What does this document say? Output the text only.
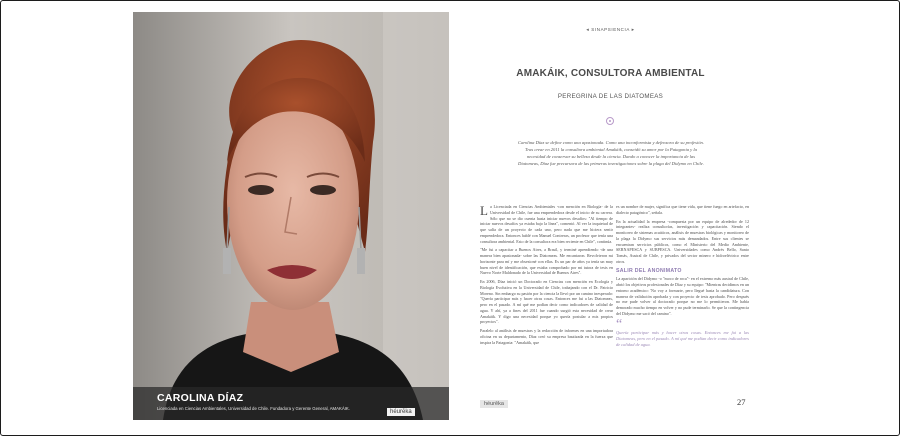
CAROLINA DÍAZ
Licenciada en Ciencias Ambientales, Universidad de Chile. Fundadora y Gerente General, AMAKÁIK.
héurēka
◂ SINAPSIENCIA ▸
AMAKÁIK, CONSULTORA AMBIENTAL
PEREGRINA DE LAS DIATOMEAS
Carolina Díaz se define como una apasionada. Como una inconformista y defensora de su profesión. Tras crear en 2011 la consultora ambiental Amakáik, conseidó su amor por la Patagonia y la necesidad de conservar su belleza desde la ciencia. Dando a conocer la importancia de las Diatomeas, Díaz fue precursora de las primeras investigaciones sobre la plaga del Didymo en Chile.

La Licenciada en Ciencias Ambientales -con mención en Biología- de la Universidad de Chile, fue una emprendedora desde el inicio de su carrera. Sólo que no se dio cuenta hasta iniciar nuevos desafíos: "Al tiempo de iniciar nuevos desafíos ya estaba bajo la línea", comentó. Al ver la inquietud de que salía de un proyecto de cada uno, pero nada que me hiciera sentir emprendedora. Entonces hablé con Manuel Contreras, un profesor que tenía una consultora ambiental. Esto de la consultora era bien reciente en Chile", continúa.

"Me fui a capacitar a Buenos Aires, a Brasil, y terminé aprendiendo -de una manera bien apasionada- sobre las Diatomeas. Me encantaron. Revolvieron mi horizonte para mí y me obsesioné con ellas. Es un par de años ya tenía un muy buen nivel de identificación, que estaba comprobado por mi tutora de tesis en Nuevo Norte Maldonado de la Universidad de Buenos Aires".

En 2006, Díaz inició un Doctorado en Ciencias con mención en Ecología y Biología Evolutiva en la Universidad de Chile, trabajando con el Dr. Patricio Moreno. Sin embargo su pasión por la ciencia la llevó por un camino inesperado: "Quería participar más y hacer otras cosas. Entonces me fui a las Diatomeas, pero en el pasado. A mí qué me podían decir como indicadores de calidad de agua. Y ahí, ya a fines del 2011 fue cuando surgió esta necesidad de crear Amakáik. Y digo una necesidad porque yo quería postular a mis propios proyectos".

Paralelo al análisis de muestras y la redacción de informes en una importadora oficina en su departamento, Díaz creó su empresa bautizada en la fuerza que inspira la Patagonia: "Amakáik, que

es un nombre de mujer, significa que tiene vida, que tiene fuego en artefacto, en dialecto patagónico", señala.

En la actualidad la empresa -compuesta por un equipo de alrededor de 12 integrantes- realiza consultorías, investigación y capacitación. Siendo el monitoreo de sistemas acuáticos, análisis de muestras biológicas y monitoreo de la plaga la Didymo sus servicios más demandados. Entre sus clientes se encuentran servicios públicos, como el Ministerio del Medio Ambiente, SERNAPESCA y SUBPESCA. Universidades como Andrés Bello, Santo Tomás, Austral de Chile, y privados del sector minero e hidroeléctrico entre otros.

SALIR DEL ANONIMATO

La aparición del Didymo -o "moco de roca"- en el extremo más austral de Chile, abrió los objetivos profesionales de Díaz y su equipo: "Mientras decidimos en un entorno académico: 'No voy a formarte, pero llegué hasta la candidatura. Con manera de validación aprobada y con proyecto de tesis aprobado. Pero después no me pude volver al doctorado porque no me lo permitieron. Me había demorado mucho tiempo en volver y no pude terminarlo. Se que la contingencia del Didymo me sacó del camino".

“
Quería participar más y hacer otras cosas. Entonces me fui a las Diatomeas, pero en el pasado. A mí qué me podían decir como indicadores de calidad de agua.
héurēka	27
